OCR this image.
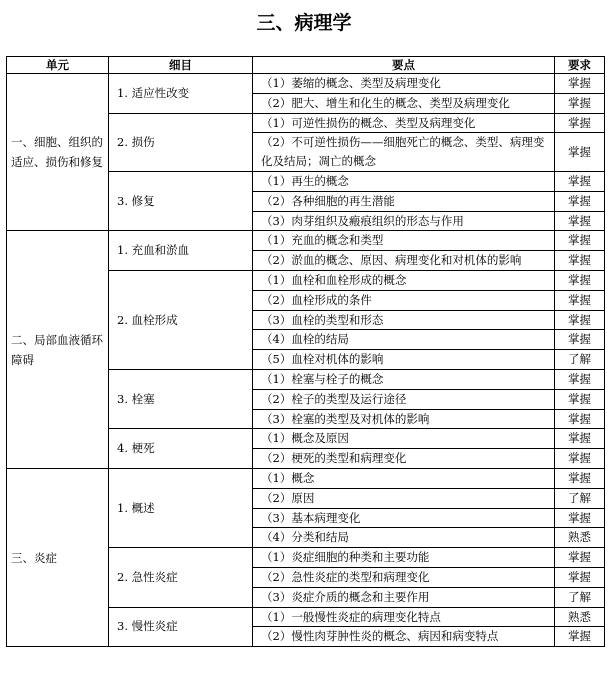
三、病理学
单元	细目	要点	要求
一、细胞、组织的适应、损伤和修复	1. 适应性改变	（1）萎缩的概念、类型及病理变化	掌握
		（2）肥大、增生和化生的概念、类型及病理变化	掌握
	2. 损伤	（1）可逆性损伤的概念、类型及病理变化	掌握
		（2）不可逆性损伤——细胞死亡的概念、类型、病理变化及结局；凋亡的概念	掌握
	3. 修复	（1）再生的概念	掌握
		（2）各种细胞的再生潜能	掌握
		（3）肉芽组织及瘢痕组织的形态与作用	掌握
二、局部血液循环障碍	1. 充血和淤血	（1）充血的概念和类型	掌握
		（2）淤血的概念、原因、病理变化和对机体的影响	掌握
	2. 血栓形成	（1）血栓和血栓形成的概念	掌握
		（2）血栓形成的条件	掌握
		（3）血栓的类型和形态	掌握
		（4）血栓的结局	掌握
		（5）血栓对机体的影响	了解
	3. 栓塞	（1）栓塞与栓子的概念	掌握
		（2）栓子的类型及运行途径	掌握
		（3）栓塞的类型及对机体的影响	掌握
	4. 梗死	（1）概念及原因	掌握
		（2）梗死的类型和病理变化	掌握
三、炎症	1. 概述	（1）概念	掌握
		（2）原因	了解
		（3）基本病理变化	掌握
		（4）分类和结局	熟悉
	2. 急性炎症	（1）炎症细胞的种类和主要功能	掌握
		（2）急性炎症的类型和病理变化	掌握
		（3）炎症介质的概念和主要作用	了解
	3. 慢性炎症	（1）一般慢性炎症的病理变化特点	熟悉
		（2）慢性肉芽肿性炎的概念、病因和病变特点	掌握
